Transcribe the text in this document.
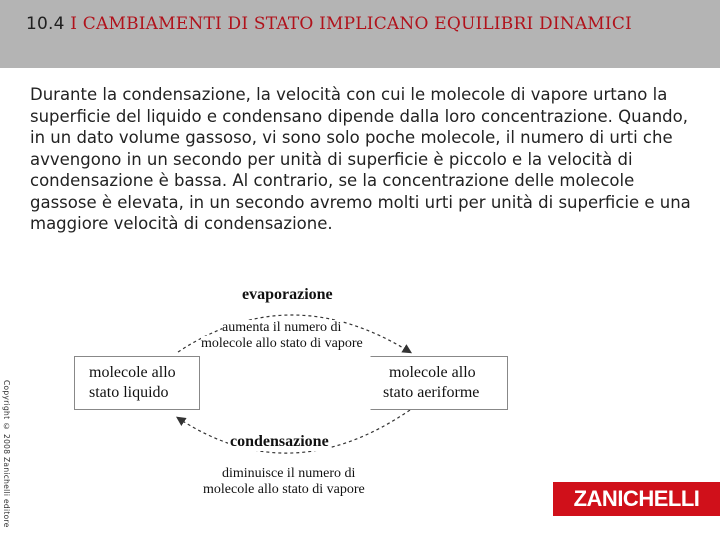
10.4 I CAMBIAMENTI DI STATO IMPLICANO EQUILIBRI DINAMICI

Durante la condensazione, la velocità con cui le molecole di vapore urtano la superficie del liquido e condensano dipende dalla loro concentrazione. Quando, in un dato volume gassoso, vi sono solo poche molecole, il numero di urti che avvengono in un secondo per unità di superficie è piccolo e la velocità di condensazione è bassa. Al contrario, se la concentrazione delle molecole gassose è elevata, in un secondo avremo molti urti per unità di superficie e una maggiore velocità di condensazione.

Copyright © 2008 Zanichelli editore
evaporazione
aumenta il numero di
molecole allo stato di vapore
condensazione
diminuisce il numero di
molecole allo stato di vapore
molecole allo
stato liquido
molecole allo
stato aeriforme
ZANICHELLI
